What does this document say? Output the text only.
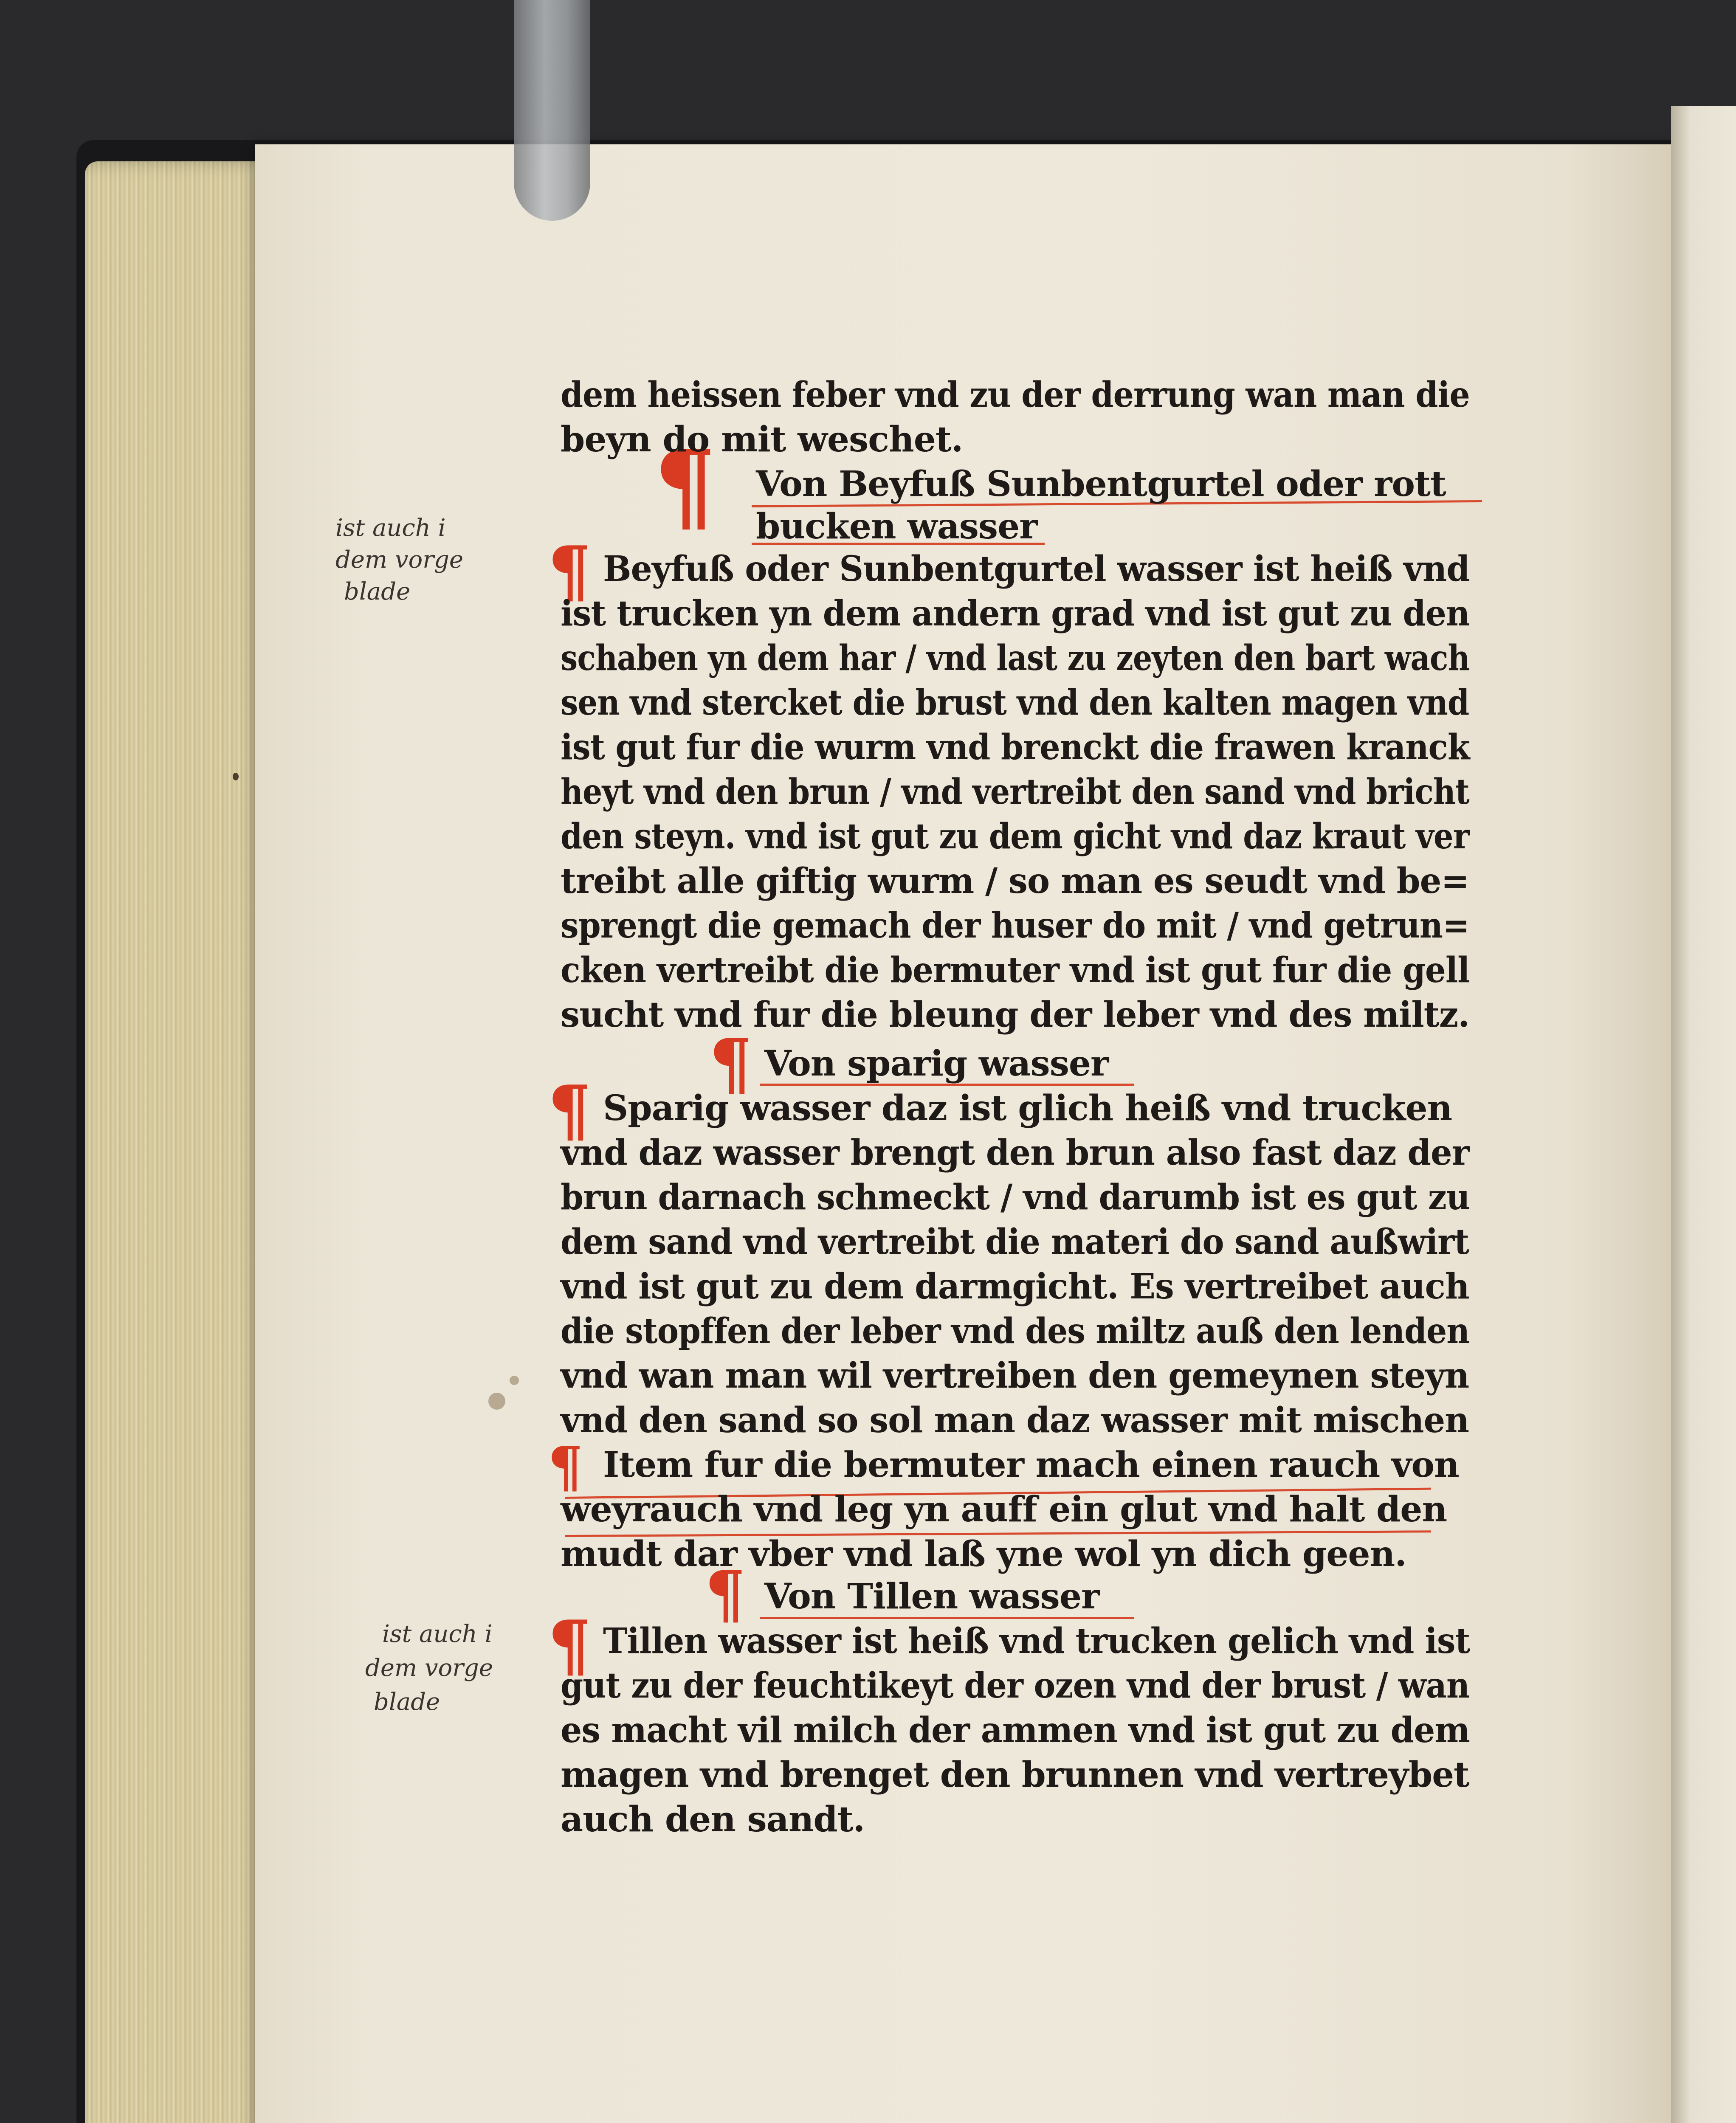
¶
¶
¶
¶
¶
¶
¶
dem heissen feber vnd zu der derrung wan man die
beyn do mit weschet.
Von Beyfuß Sunbentgurtel oder rott
bucken wasser
Beyfuß oder Sunbentgurtel wasser ist heiß vnd
ist trucken yn dem andern grad vnd ist gut zu den
schaben yn dem har / vnd last zu zeyten den bart wach
sen vnd stercket die brust vnd den kalten magen vnd
ist gut fur die wurm vnd brenckt die frawen kranck
heyt vnd den brun / vnd vertreibt den sand vnd bricht
den steyn. vnd ist gut zu dem gicht vnd daz kraut ver
treibt alle giftig wurm / so man es seudt vnd be=
sprengt die gemach der huser do mit / vnd getrun=
cken vertreibt die bermuter vnd ist gut fur die gell
sucht vnd fur die bleung der leber vnd des miltz.
Von sparig wasser
Sparig wasser daz ist glich heiß vnd trucken
vnd daz wasser brengt den brun also fast daz der
brun darnach schmeckt / vnd darumb ist es gut zu
dem sand vnd vertreibt die materi do sand außwirt
vnd ist gut zu dem darmgicht. Es vertreibet auch
die stopffen der leber vnd des miltz auß den lenden
vnd wan man wil vertreiben den gemeynen steyn
vnd den sand so sol man daz wasser mit mischen
Item fur die bermuter mach einen rauch von
weyrauch vnd leg yn auff ein glut vnd halt den
mudt dar vber vnd laß yne wol yn dich geen.
Von Tillen wasser
Tillen wasser ist heiß vnd trucken gelich vnd ist
gut zu der feuchtikeyt der ozen vnd der brust / wan
es macht vil milch der ammen vnd ist gut zu dem
magen vnd brenget den brunnen vnd vertreybet
auch den sandt.
ist auch i
dem vorge
blade
ist auch i
dem vorge
blade
